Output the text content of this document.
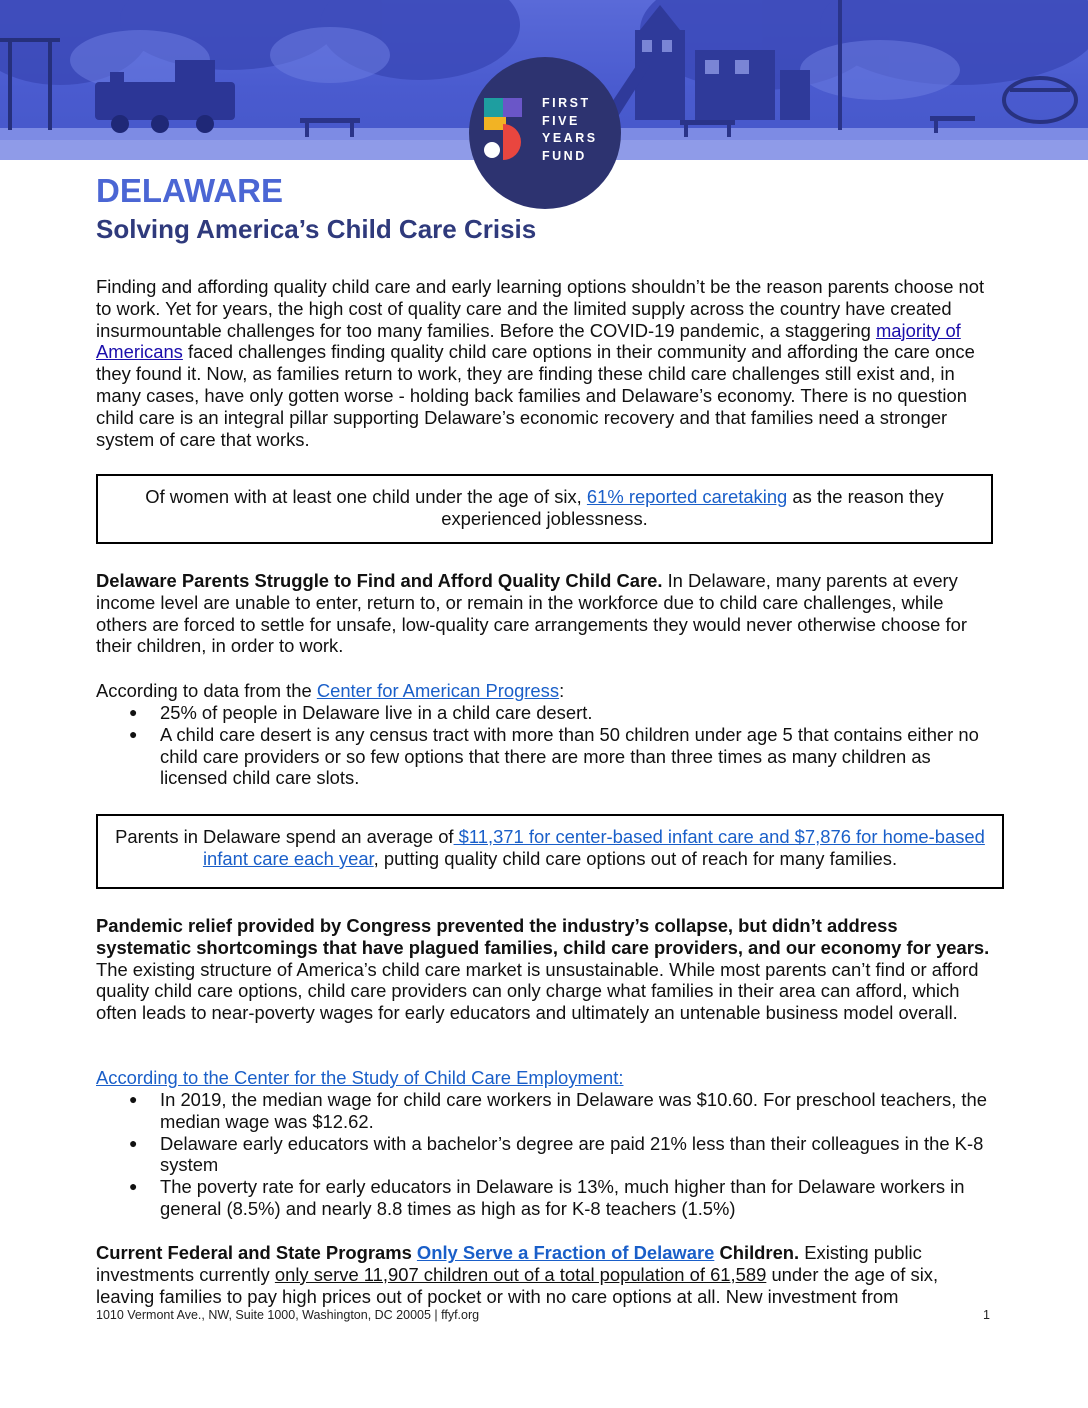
FIRST
FIVE
YEARS
FUND
DELAWARE
Solving America’s Child Care Crisis

Finding and affording quality child care and early learning options shouldn’t be the reason parents choose not to work. Yet for years, the high cost of quality care and the limited supply across the country have created insurmountable challenges for too many families. Before the COVID-19 pandemic, a staggering majority of Americans faced challenges finding quality child care options in their community and affording the care once they found it. Now, as families return to work, they are finding these child care challenges still exist and, in many cases, have only gotten worse - holding back families and Delaware’s economy. There is no question child care is an integral pillar supporting Delaware’s economic recovery and that families need a stronger system of care that works.

Of women with at least one child under the age of six, 61% reported caretaking as the reason they experienced joblessness.

Delaware Parents Struggle to Find and Afford Quality Child Care. In Delaware, many parents at every income level are unable to enter, return to, or remain in the workforce due to child care challenges, while others are forced to settle for unsafe, low-quality care arrangements they would never otherwise choose for their children, in order to work.

According to data from the Center for American Progress:

● 25% of people in Delaware live in a child care desert.
● A child care desert is any census tract with more than 50 children under age 5 that contains either no child care providers or so few options that there are more than three times as many children as licensed child care slots.
Parents in Delaware spend an average of $11,371 for center-based infant care and $7,876 for home-based infant care each year, putting quality child care options out of reach for many families.

Pandemic relief provided by Congress prevented the industry’s collapse, but didn’t address systematic shortcomings that have plagued families, child care providers, and our economy for years. The existing structure of America’s child care market is unsustainable. While most parents can’t find or afford quality child care options, child care providers can only charge what families in their area can afford, which often leads to near-poverty wages for early educators and ultimately an untenable business model overall.

According to the Center for the Study of Child Care Employment:

● In 2019, the median wage for child care workers in Delaware was $10.60. For preschool teachers, the median wage was $12.62.
● Delaware early educators with a bachelor’s degree are paid 21% less than their colleagues in the K-8 system
● The poverty rate for early educators in Delaware is 13%, much higher than for Delaware workers in general (8.5%) and nearly 8.8 times as high as for K-8 teachers (1.5%)

Current Federal and State Programs Only Serve a Fraction of Delaware Children. Existing public investments currently only serve 11,907 children out of a total population of 61,589 under the age of six, leaving families to pay high prices out of pocket or with no care options at all. New investment from

1010 Vermont Ave., NW, Suite 1000, Washington, DC 20005 | ffyf.org	1
